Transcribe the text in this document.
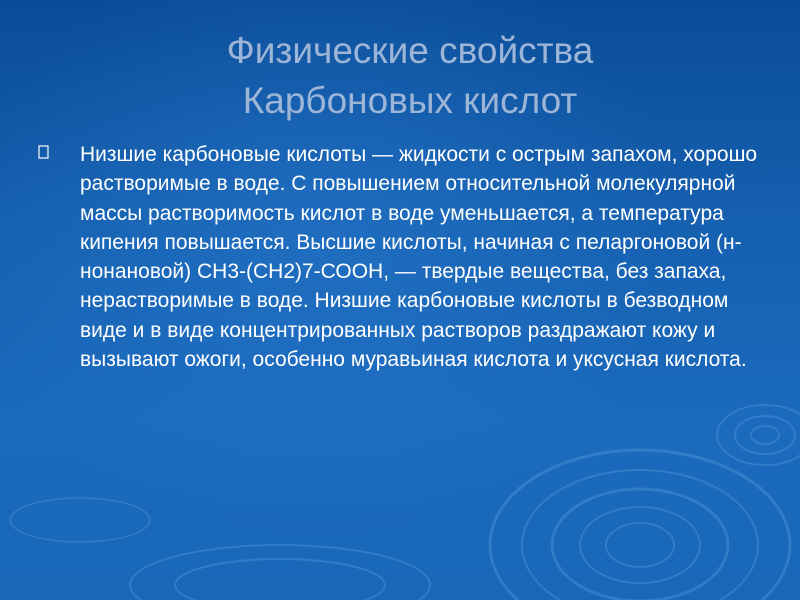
Физические свойства
Карбоновых кислот

Низшие карбоновые кислоты — жидкости с острым запахом, хорошо растворимые в воде. С повышением относительной молекулярной массы растворимость кислот в воде уменьшается, а температура кипения повышается. Высшие кислоты, начиная с пеларгоновой (н-нонановой) СН3-(СН2)7-СООН, — твердые вещества, без запаха, нерастворимые в воде. Низшие карбоновые кислоты в безводном виде и в виде концентрированных растворов раздражают кожу и вызывают ожоги, особенно муравьиная кислота и уксусная кислота.
